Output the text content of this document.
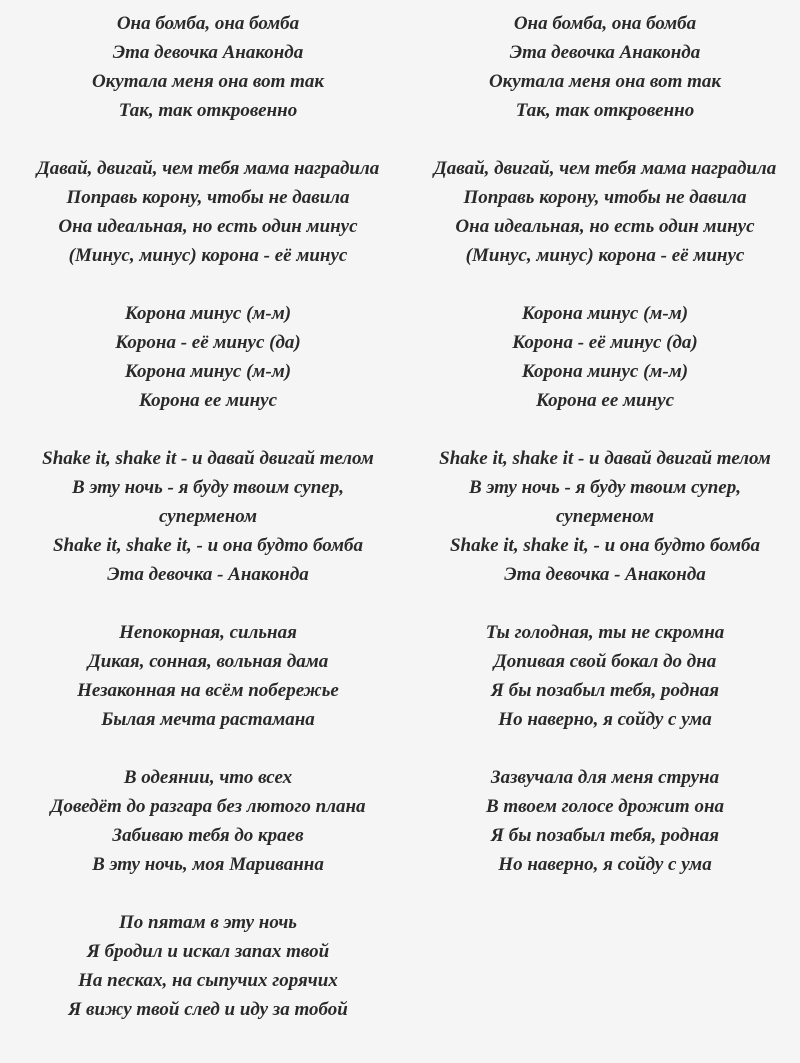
Она бомба, она бомба
Эта девочка Анаконда
Окутала меня она вот так
Так, так откровенно
Давай, двигай, чем тебя мама наградила
Поправь корону, чтобы не давила
Она идеальная, но есть один минус
(Минус, минус) корона - её минус
Корона минус (м-м)
Корона - её минус (да)
Корона минус (м-м)
Корона ее минус
Shake it, shake it - и давай двигай телом
В эту ночь - я буду твоим супер,
суперменом
Shake it, shake it, - и она будто бомба
Эта девочка - Анаконда
Непокорная, сильная
Дикая, сонная, вольная дама
Незаконная на всём побережье
Былая мечта растамана
В одеянии, что всех
Доведёт до разгара без лютого плана
Забиваю тебя до краев
В эту ночь, моя Мариванна
По пятам в эту ночь
Я бродил и искал запах твой
На песках, на сыпучих горячих
Я вижу твой след и иду за тобой
Она бомба, она бомба
Эта девочка Анаконда
Окутала меня она вот так
Так, так откровенно
Давай, двигай, чем тебя мама наградила
Поправь корону, чтобы не давила
Она идеальная, но есть один минус
(Минус, минус) корона - её минус
Корона минус (м-м)
Корона - её минус (да)
Корона минус (м-м)
Корона ее минус
Shake it, shake it - и давай двигай телом
В эту ночь - я буду твоим супер,
суперменом
Shake it, shake it, - и она будто бомба
Эта девочка - Анаконда
Ты голодная, ты не скромна
Допивая свой бокал до дна
Я бы позабыл тебя, родная
Но наверно, я сойду с ума
Зазвучала для меня струна
В твоем голосе дрожит она
Я бы позабыл тебя, родная
Но наверно, я сойду с ума
